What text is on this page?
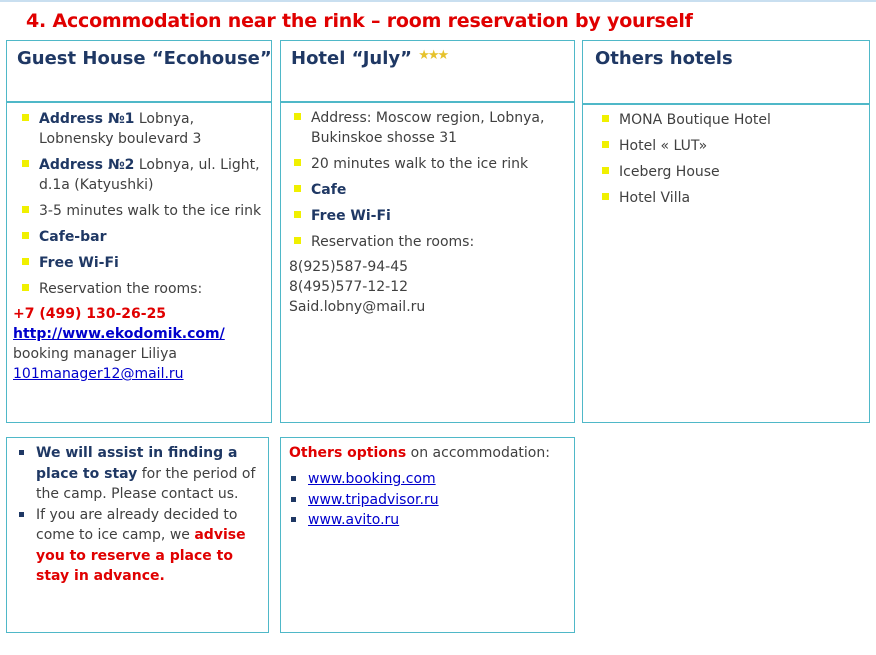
4. Accommodation near the rink – room reservation by yourself
Guest House “Ecohouse”
Address №1 Lobnya, Lobnensky boulevard 3
Address №2 Lobnya, ul. Light, d.1a (Katyushki)
3-5 minutes walk to the ice rink
Cafe-bar
Free Wi-Fi
Reservation the rooms:
+7 (499) 130-26-25
http://www.ekodomik.com/
booking manager Liliya
101manager12@mail.ru
Hotel “July” ★★★
Address: Moscow region, Lobnya, Bukinskoe shosse 31
20 minutes walk to the ice rink
Cafe
Free Wi-Fi
Reservation the rooms:
8(925)587-94-45
8(495)577-12-12
Said.lobny@mail.ru
Others hotels
MONA Boutique Hotel
Hotel « LUT»
Iceberg House
Hotel Villa
We will assist in finding a place to stay for the period of the camp. Please contact us.
If you are already decided to come to ice camp, we advise you to reserve a place to stay in advance.
Others options on accommodation:
www.booking.com
www.tripadvisor.ru
www.avito.ru
